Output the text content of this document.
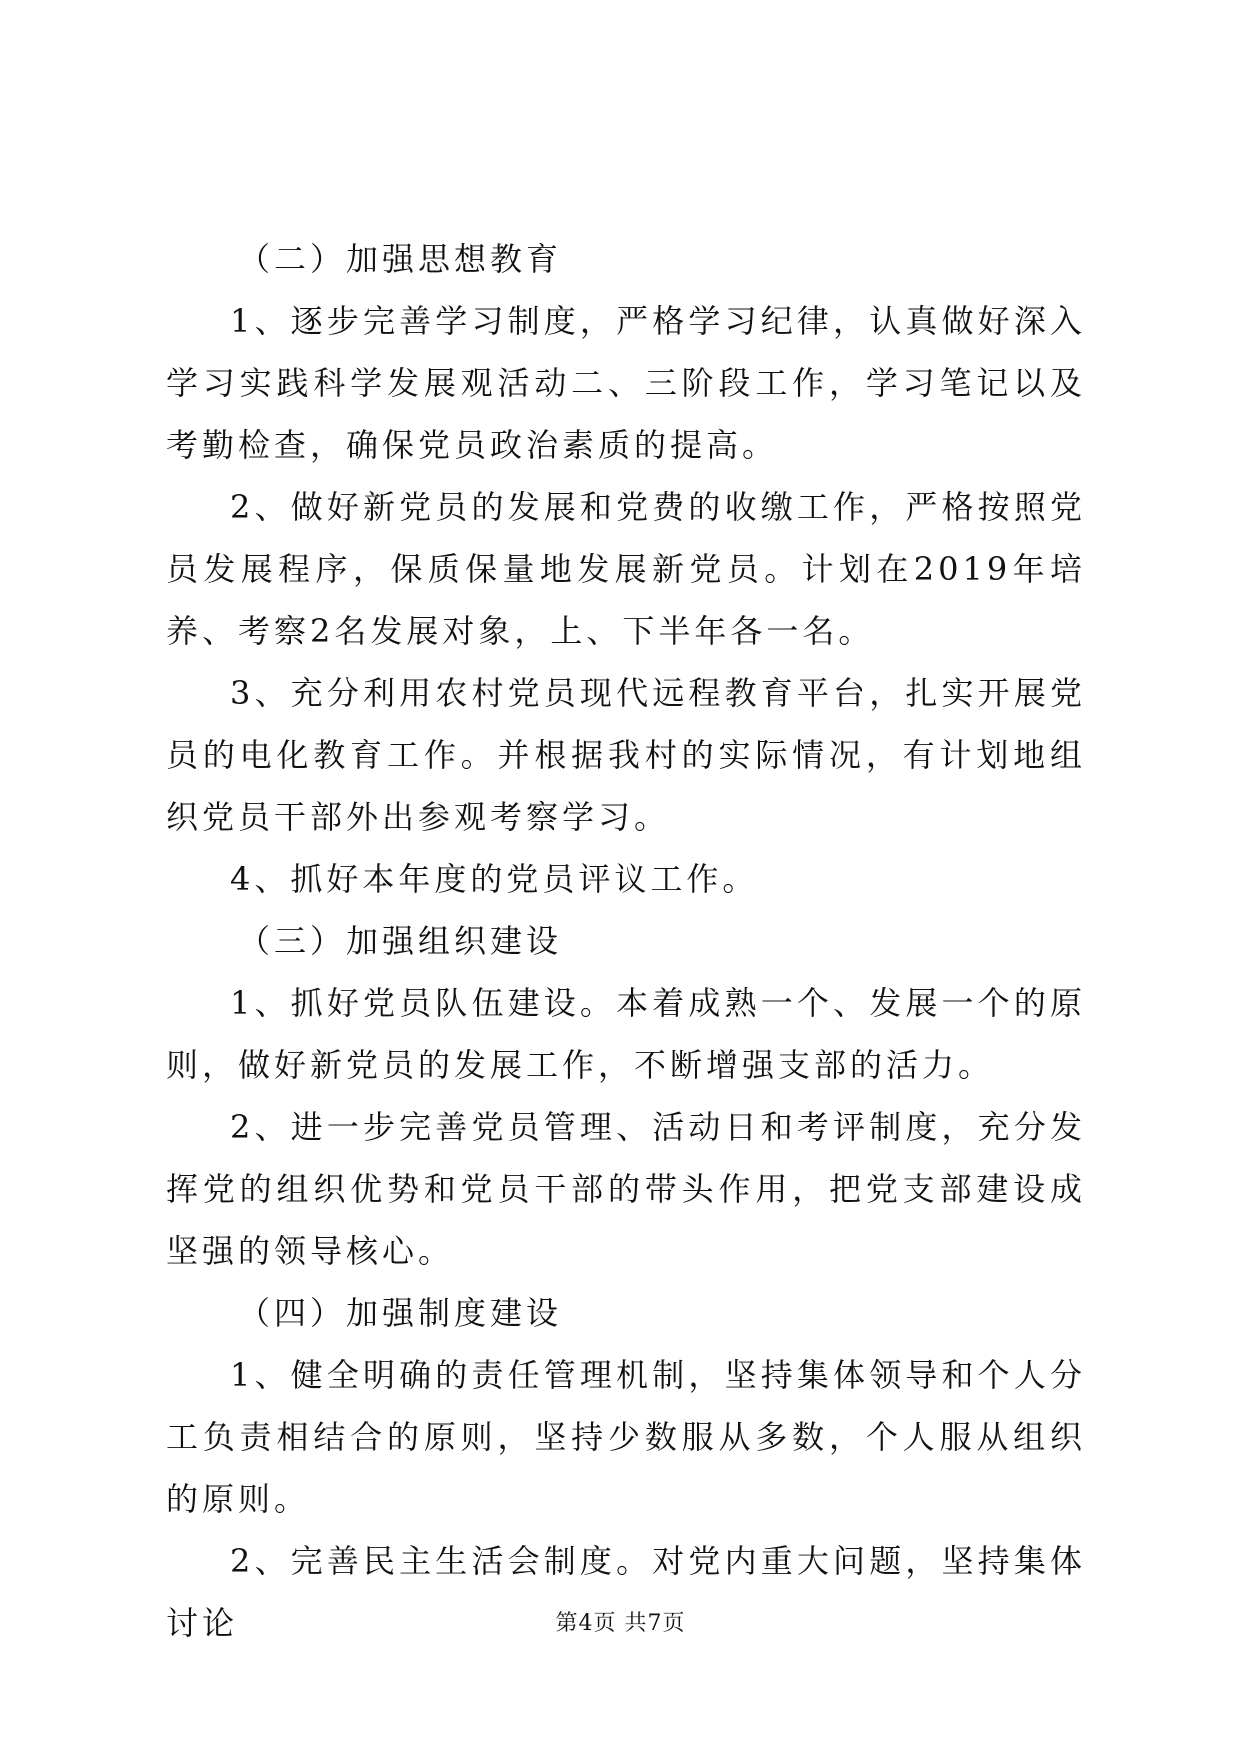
（二）加强思想教育

1、逐步完善学习制度，严格学习纪律，认真做好深入学习实践科学发展观活动二、三阶段工作，学习笔记以及考勤检查，确保党员政治素质的提高。

2、做好新党员的发展和党费的收缴工作，严格按照党员发展程序，保质保量地发展新党员。计划在2019年培养、考察2名发展对象，上、下半年各一名。

3、充分利用农村党员现代远程教育平台，扎实开展党员的电化教育工作。并根据我村的实际情况，有计划地组织党员干部外出参观考察学习。

4、抓好本年度的党员评议工作。

（三）加强组织建设

1、抓好党员队伍建设。本着成熟一个、发展一个的原则，做好新党员的发展工作，不断增强支部的活力。

2、进一步完善党员管理、活动日和考评制度，充分发挥党的组织优势和党员干部的带头作用，把党支部建设成坚强的领导核心。

（四）加强制度建设

1、健全明确的责任管理机制，坚持集体领导和个人分工负责相结合的原则，坚持少数服从多数，个人服从组织的原则。

2、完善民主生活会制度。对党内重大问题，坚持集体讨论	第4页 共7页
